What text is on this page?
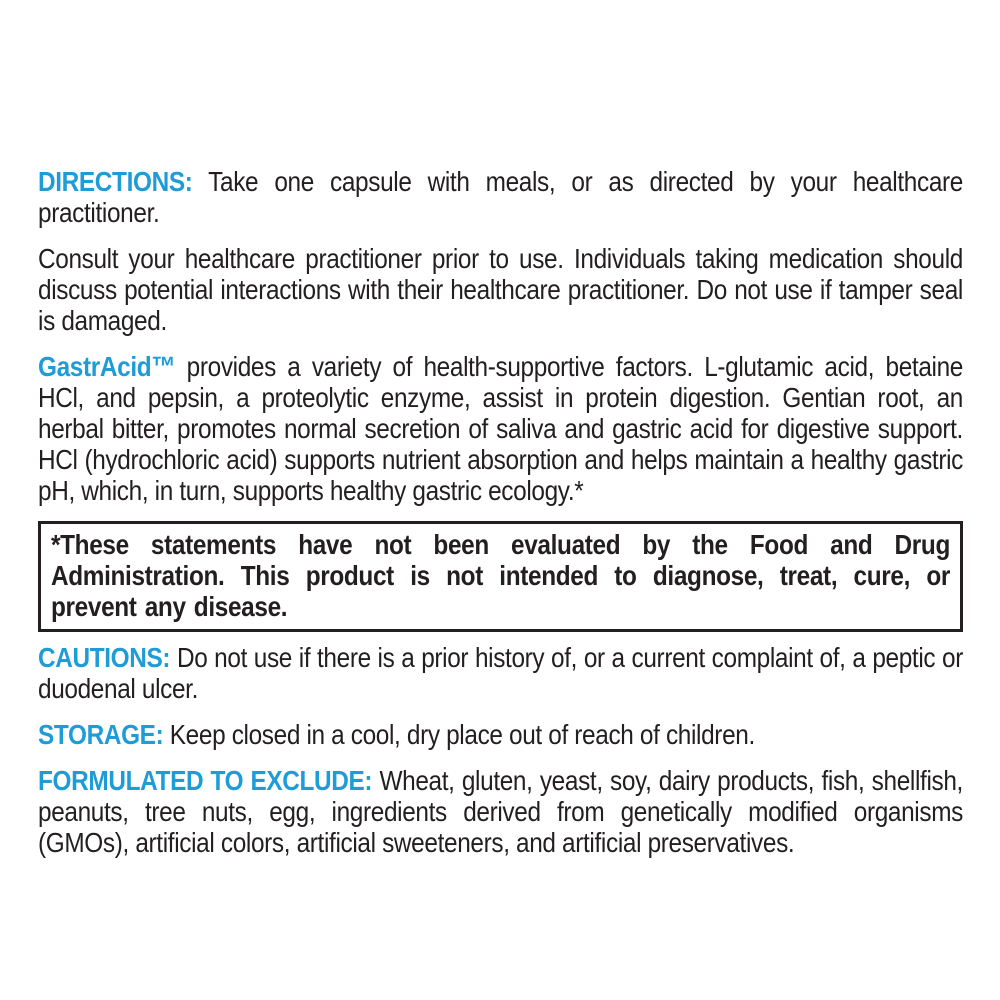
DIRECTIONS: Take one capsule with meals, or as directed by your healthcare practitioner.

Consult your healthcare practitioner prior to use. Individuals taking medication should discuss potential interactions with their healthcare practitioner. Do not use if tamper seal is damaged.

GastrAcid™ provides a variety of health-supportive factors. L-glutamic acid, betaine HCl, and pepsin, a proteolytic enzyme, assist in protein digestion. Gentian root, an herbal bitter, promotes normal secretion of saliva and gastric acid for digestive support. HCl (hydrochloric acid) supports nutrient absorption and helps maintain a healthy gastric pH, which, in turn, supports healthy gastric ecology.*

*These statements have not been evaluated by the Food and Drug Administration. This product is not intended to diagnose, treat, cure, or prevent any disease.

CAUTIONS: Do not use if there is a prior history of, or a current complaint of, a peptic or duodenal ulcer.

STORAGE: Keep closed in a cool, dry place out of reach of children.

FORMULATED TO EXCLUDE: Wheat, gluten, yeast, soy, dairy products, fish, shellfish, peanuts, tree nuts, egg, ingredients derived from genetically modified organisms (GMOs), artificial colors, artificial sweeteners, and artificial preservatives.
